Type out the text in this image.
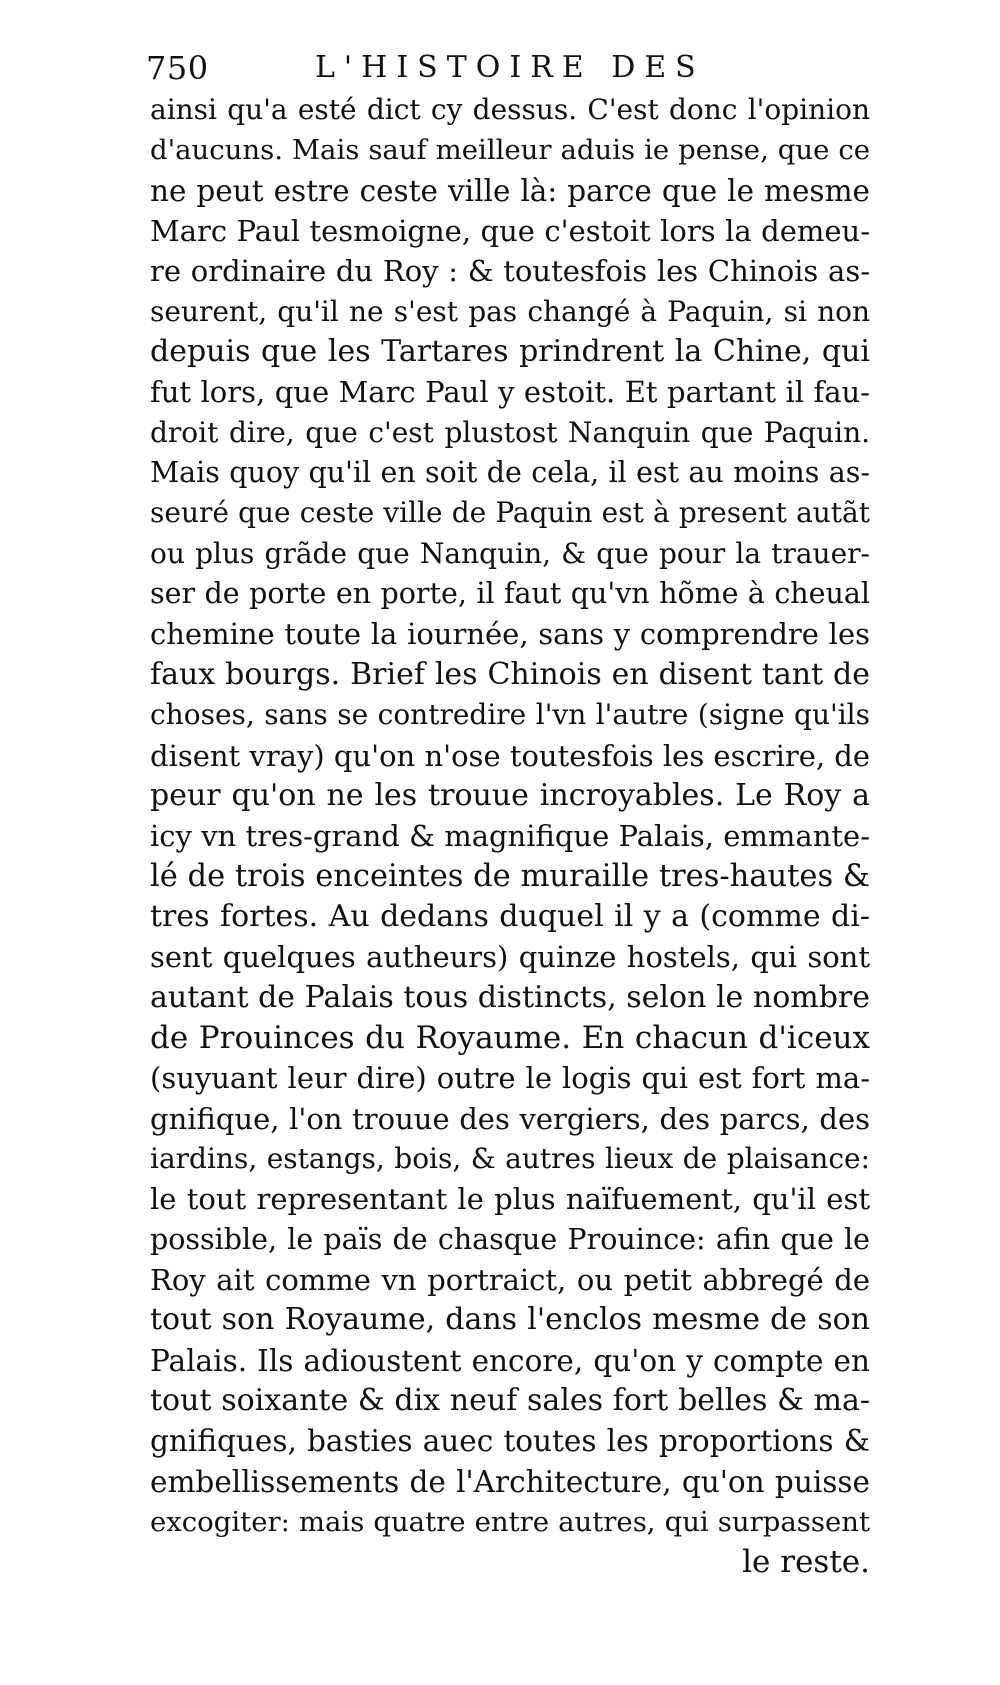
750	L'HISTOIRE DES
ainsi qu'a esté dict cy dessus. C'est donc l'opinion
d'aucuns. Mais sauf meilleur aduis ie pense, que ce
ne peut estre ceste ville là: parce que le mesme
Marc Paul tesmoigne, que c'estoit lors la demeu-
re ordinaire du Roy : & toutesfois les Chinois as-
seurent, qu'il ne s'est pas changé à Paquin, si non
depuis que les Tartares prindrent la Chine, qui
fut lors, que Marc Paul y estoit. Et partant il fau-
droit dire, que c'est plustost Nanquin que Paquin.
Mais quoy qu'il en soit de cela, il est au moins as-
seuré que ceste ville de Paquin est à present autãt
ou plus grãde que Nanquin, & que pour la trauer-
ser de porte en porte, il faut qu'vn hõme à cheual
chemine toute la iournée, sans y comprendre les
faux bourgs. Brief les Chinois en disent tant de
choses, sans se contredire l'vn l'autre (signe qu'ils
disent vray) qu'on n'ose toutesfois les escrire, de
peur qu'on ne les trouue incroyables. Le Roy a
icy vn tres-grand & magnifique Palais, emmante-
lé de trois enceintes de muraille tres-hautes &
tres fortes. Au dedans duquel il y a (comme di-
sent quelques autheurs) quinze hostels, qui sont
autant de Palais tous distincts, selon le nombre
de Prouinces du Royaume. En chacun d'iceux
(suyuant leur dire) outre le logis qui est fort ma-
gnifique, l'on trouue des vergiers, des parcs, des
iardins, estangs, bois, & autres lieux de plaisance:
le tout representant le plus naïfuement, qu'il est
possible, le païs de chasque Prouince: afin que le
Roy ait comme vn portraict, ou petit abbregé de
tout son Royaume, dans l'enclos mesme de son
Palais. Ils adioustent encore, qu'on y compte en
tout soixante & dix neuf sales fort belles & ma-
gnifiques, basties auec toutes les proportions &
embellissements de l'Architecture, qu'on puisse
excogiter: mais quatre entre autres, qui surpassent
le reste.
